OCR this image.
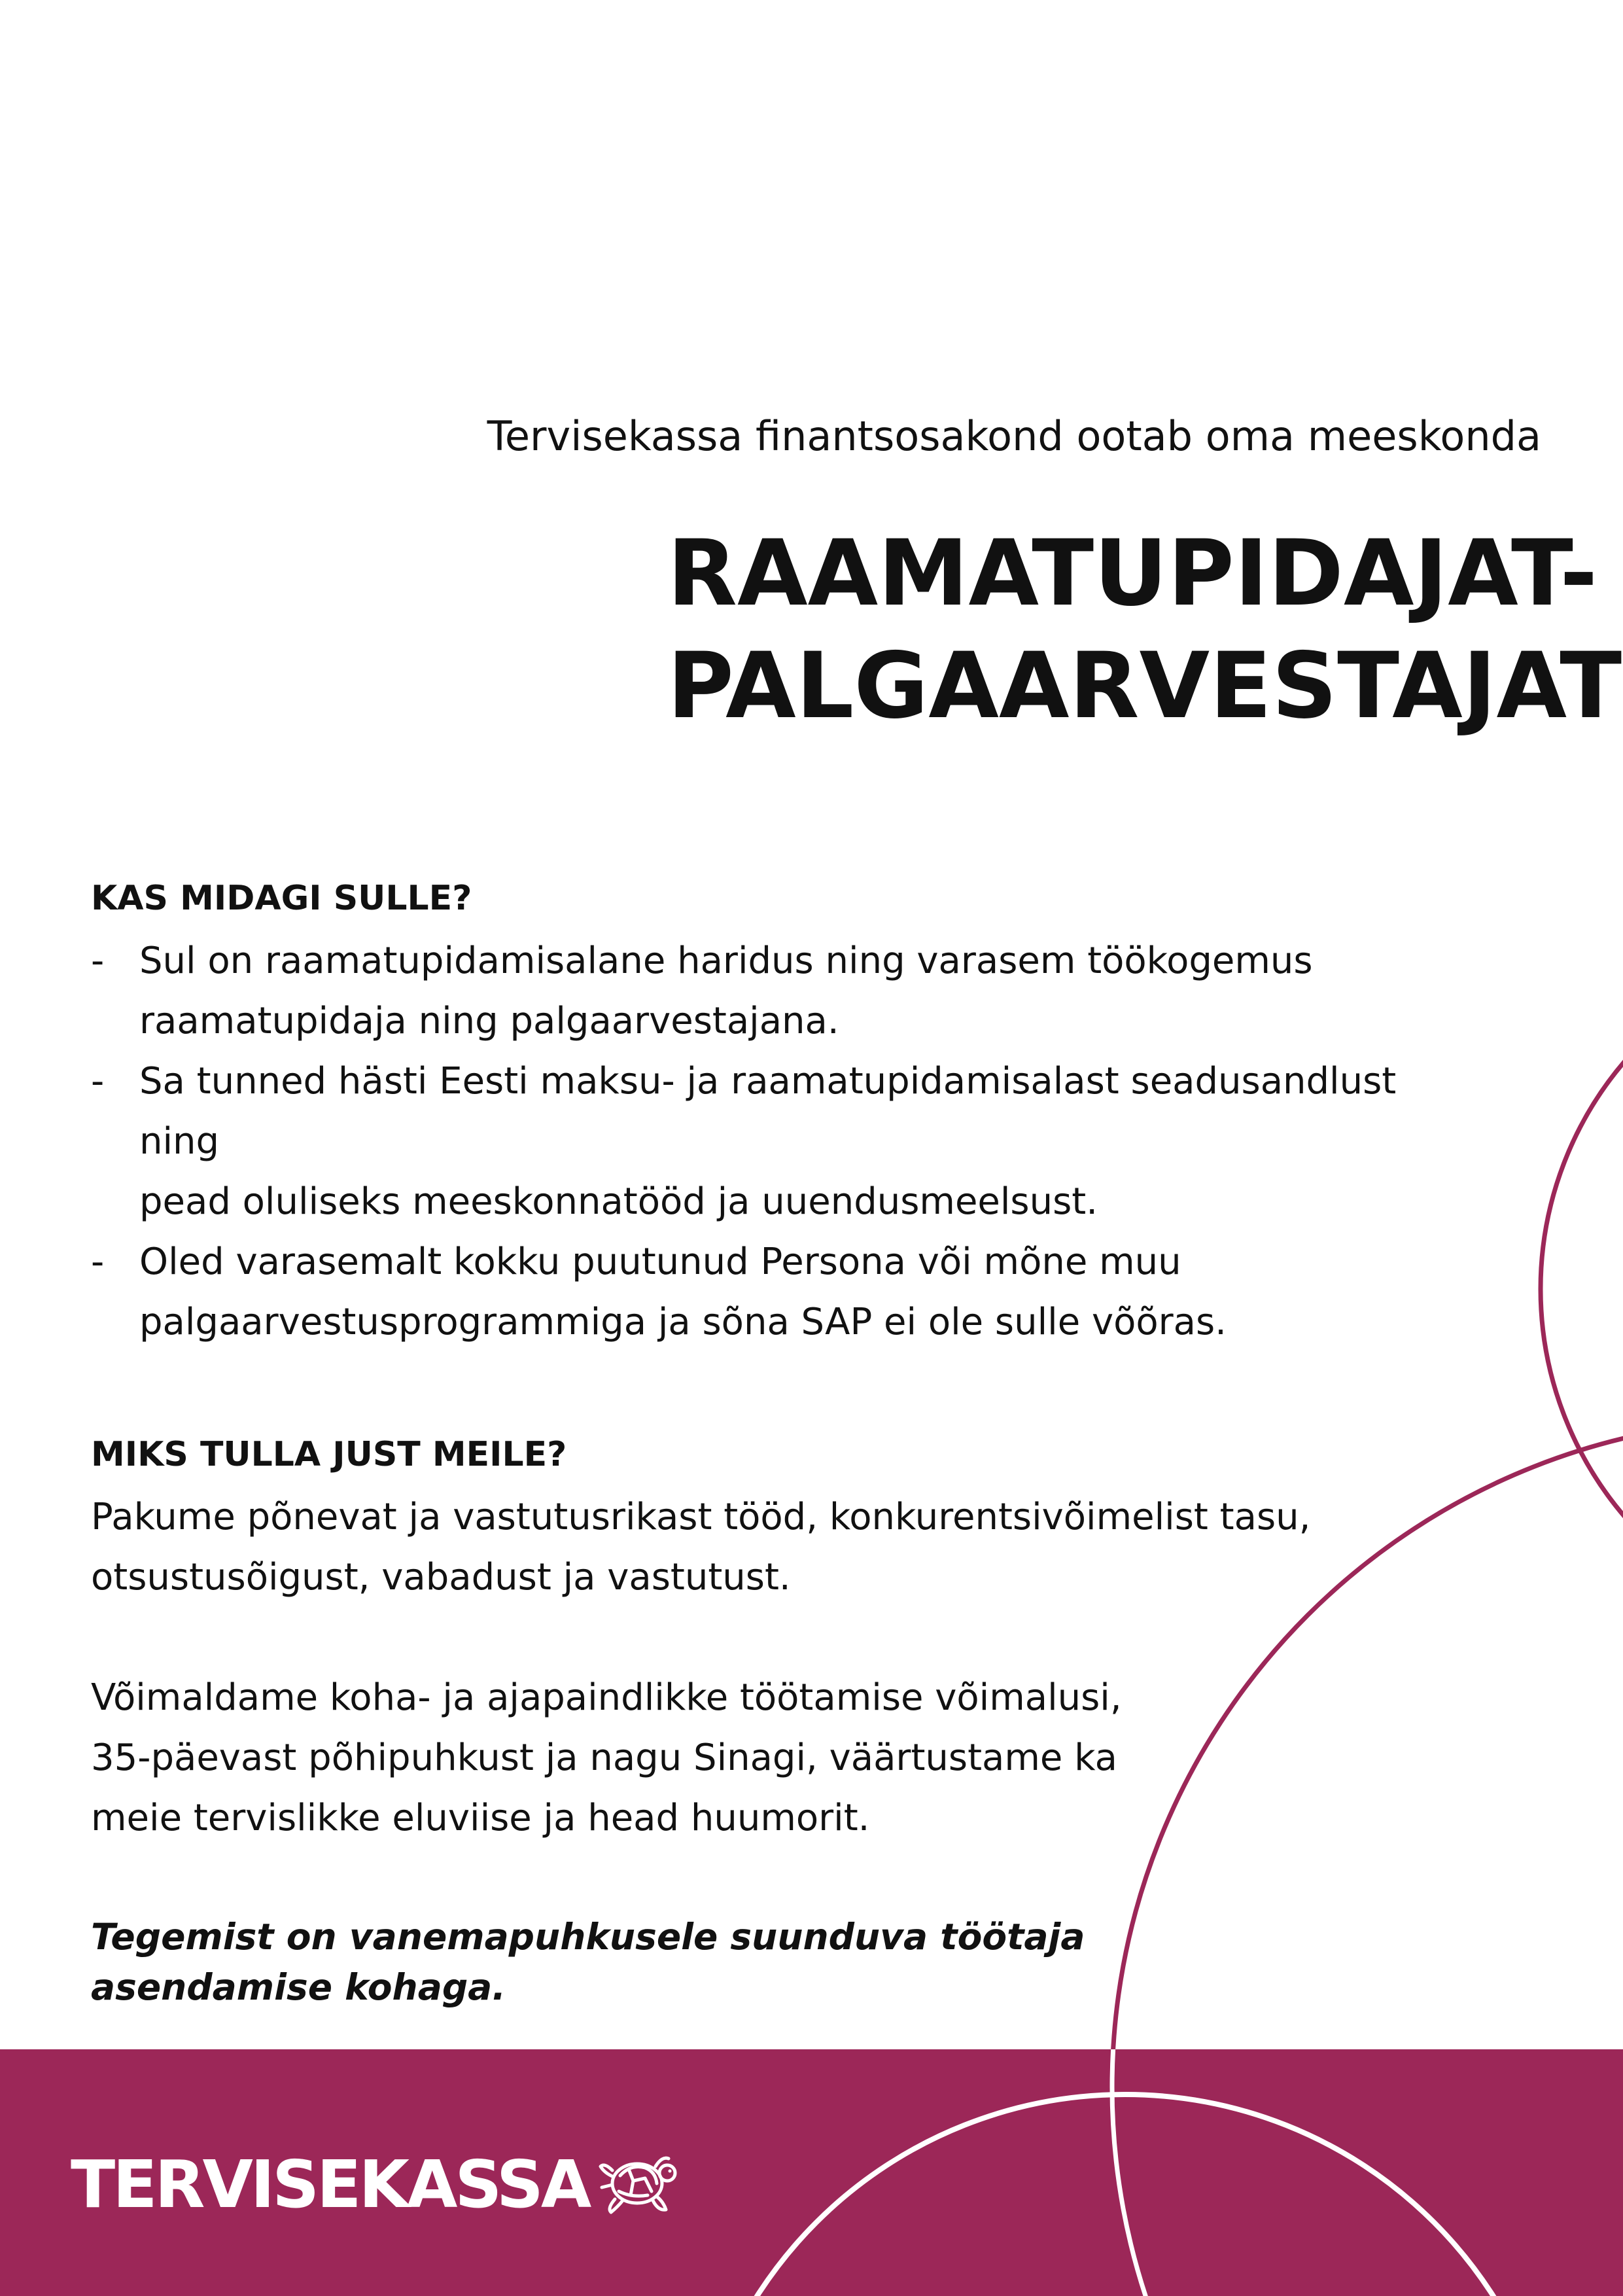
Tervisekassa finantsosakond ootab oma meeskonda
RAAMATUPIDAJAT-
PALGAARVESTAJAT
KAS MIDAGI SULLE?
- Sul on raamatupidamisalane haridus ning varasem töökogemus
raamatupidaja ning palgaarvestajana.
- Sa tunned hästi Eesti maksu- ja raamatupidamisalast seadusandlust ning
pead oluliseks meeskonnatööd ja uuendusmeelsust.
- Oled varasemalt kokku puutunud Persona või mõne muu
palgaarvestusprogrammiga ja sõna SAP ei ole sulle võõras.
MIKS TULLA JUST MEILE?
Pakume põnevat ja vastutusrikast tööd, konkurentsivõimelist tasu,
otsustusõigust, vabadust ja vastutust.
Võimaldame koha- ja ajapaindlikke töötamise võimalusi,
35-päevast põhipuhkust ja nagu Sinagi, väärtustame ka
meie tervislikke eluviise ja head huumorit.
Tegemist on vanemapuhkusele suunduva töötaja
asendamise kohaga.
TERVISEKASSA
